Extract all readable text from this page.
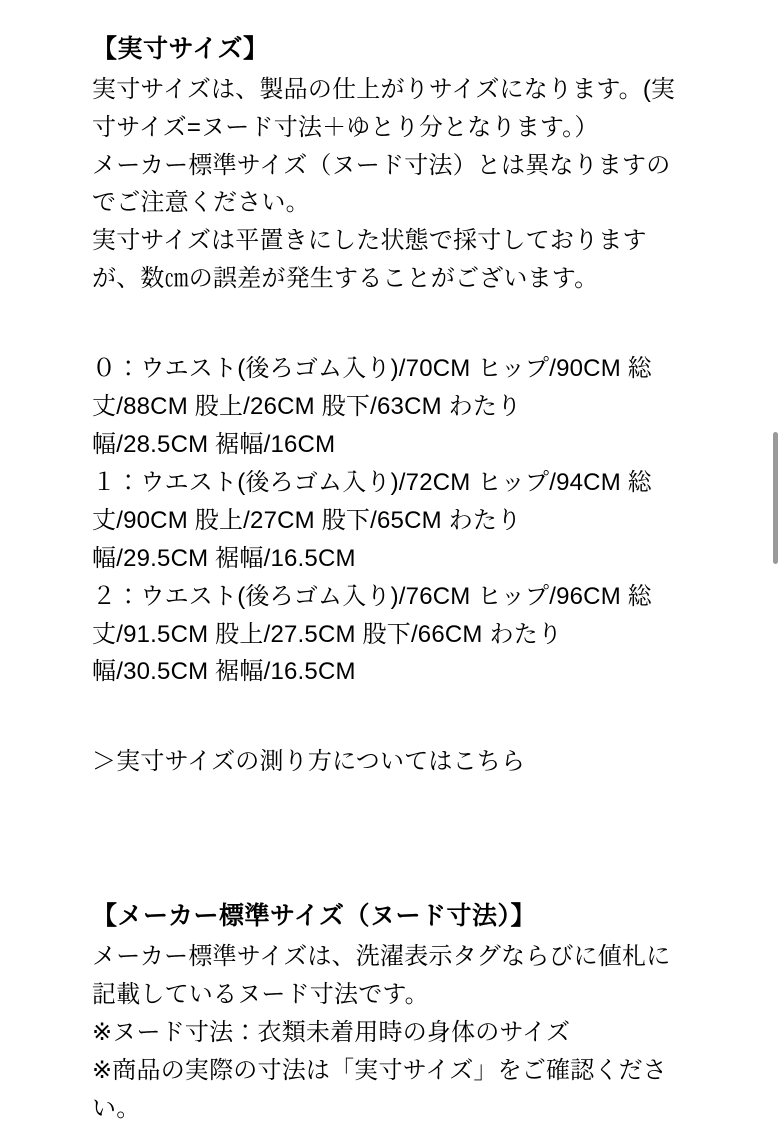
【実寸サイズ】

実寸サイズは、製品の仕上がりサイズになります。(実
寸サイズ=ヌード寸法＋ゆとり分となります。）
メーカー標準サイズ（ヌード寸法）とは異なりますの
でご注意ください。
実寸サイズは平置きにした状態で採寸しております
が、数㎝の誤差が発生することがございます。

０：ウエスト(後ろゴム入り)/70CM ヒップ/90CM 総
丈/88CM 股上/26CM 股下/63CM わたり
幅/28.5CM 裾幅/16CM
１：ウエスト(後ろゴム入り)/72CM ヒップ/94CM 総
丈/90CM 股上/27CM 股下/65CM わたり
幅/29.5CM 裾幅/16.5CM
２：ウエスト(後ろゴム入り)/76CM ヒップ/96CM 総
丈/91.5CM 股上/27.5CM 股下/66CM わたり
幅/30.5CM 裾幅/16.5CM

＞実寸サイズの測り方についてはこちら

【メーカー標準サイズ（ヌード寸法）】

メーカー標準サイズは、洗濯表示タグならびに値札に
記載しているヌード寸法です。
※ヌード寸法：衣類未着用時の身体のサイズ
※商品の実際の寸法は「実寸サイズ」をご確認くださ
い。
